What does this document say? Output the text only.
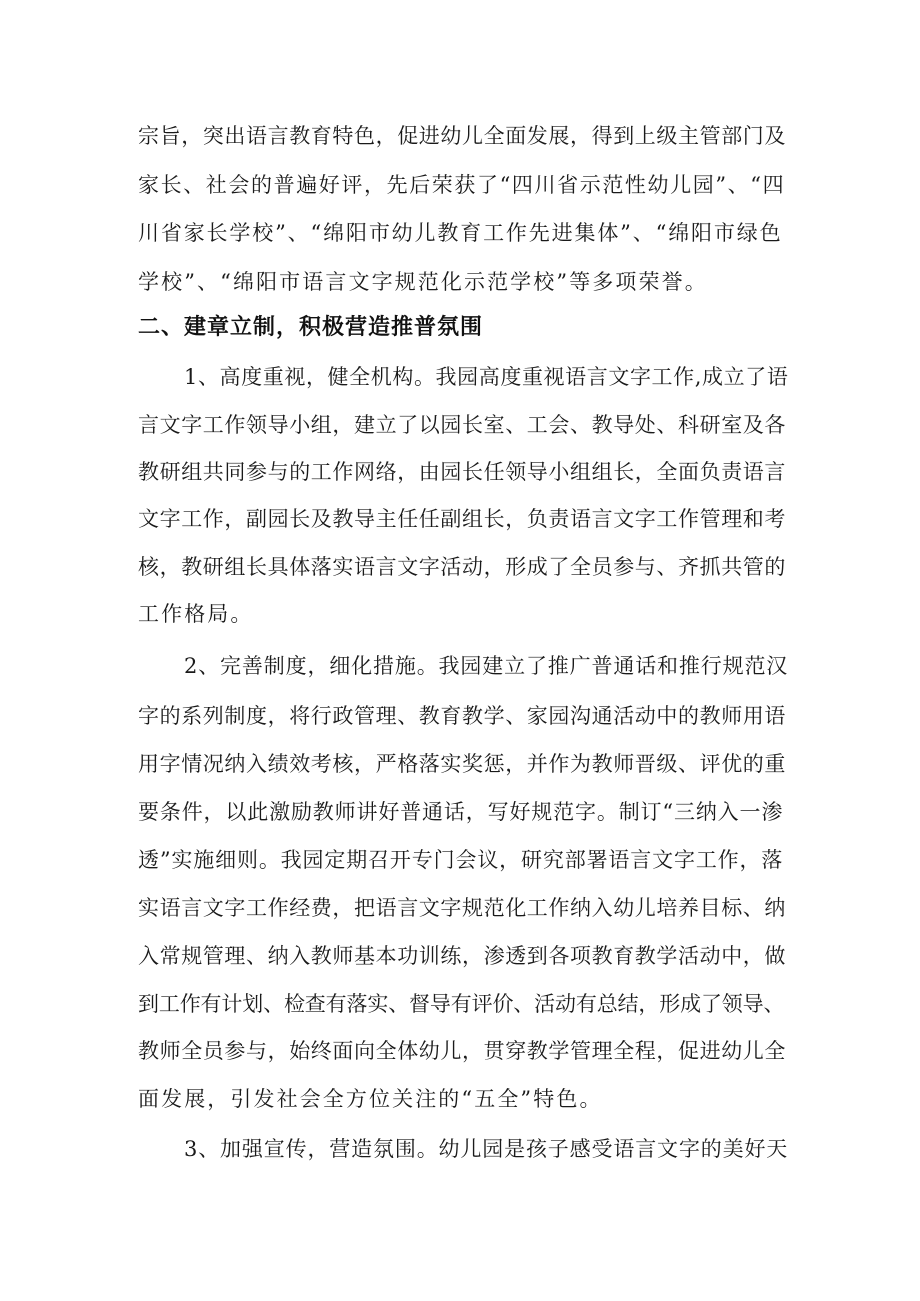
宗旨，突出语言教育特色，促进幼儿全面发展，得到上级主管部门及
家长、社会的普遍好评，先后荣获了“四川省示范性幼儿园”、“四
川省家长学校”、“绵阳市幼儿教育工作先进集体”、“绵阳市绿色
学校”、“绵阳市语言文字规范化示范学校”等多项荣誉。
二、建章立制，积极营造推普氛围
1、高度重视，健全机构。我园高度重视语言文字工作,成立了语
言文字工作领导小组，建立了以园长室、工会、教导处、科研室及各
教研组共同参与的工作网络，由园长任领导小组组长，全面负责语言
文字工作，副园长及教导主任任副组长，负责语言文字工作管理和考
核，教研组长具体落实语言文字活动，形成了全员参与、齐抓共管的
工作格局。
2、完善制度，细化措施。我园建立了推广普通话和推行规范汉
字的系列制度，将行政管理、教育教学、家园沟通活动中的教师用语
用字情况纳入绩效考核，严格落实奖惩，并作为教师晋级、评优的重
要条件，以此激励教师讲好普通话，写好规范字。制订“三纳入一渗
透”实施细则。我园定期召开专门会议，研究部署语言文字工作，落
实语言文字工作经费，把语言文字规范化工作纳入幼儿培养目标、纳
入常规管理、纳入教师基本功训练，渗透到各项教育教学活动中，做
到工作有计划、检查有落实、督导有评价、活动有总结，形成了领导、
教师全员参与，始终面向全体幼儿，贯穿教学管理全程，促进幼儿全
面发展，引发社会全方位关注的“五全”特色。
3、加强宣传，营造氛围。幼儿园是孩子感受语言文字的美好天
